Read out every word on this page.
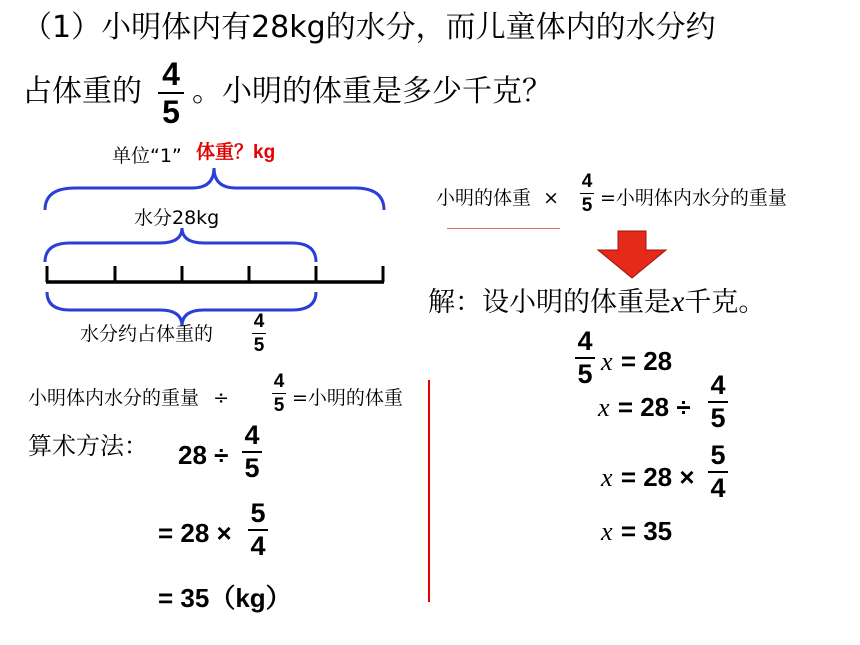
（1）小明体内有28kg的水分，而儿童体内的水分约
占体重的 4
5
。小明的体重是多少千克？
单位“1” 体重？kg
水分28kg
水分约占体重的
4
5
小明的体重 ×
4
5 =小明体内水分的重量
解：设小明的体重是x千克。
4
5 x = 28
x = 28 ÷
4
5
x = 28 ×
5
4
x = 35
小明体内水分的重量 ÷
4
5 =小明的体重
算术方法： 28 ÷
4
5
= 28 ×
5
4
= 35（kg）
